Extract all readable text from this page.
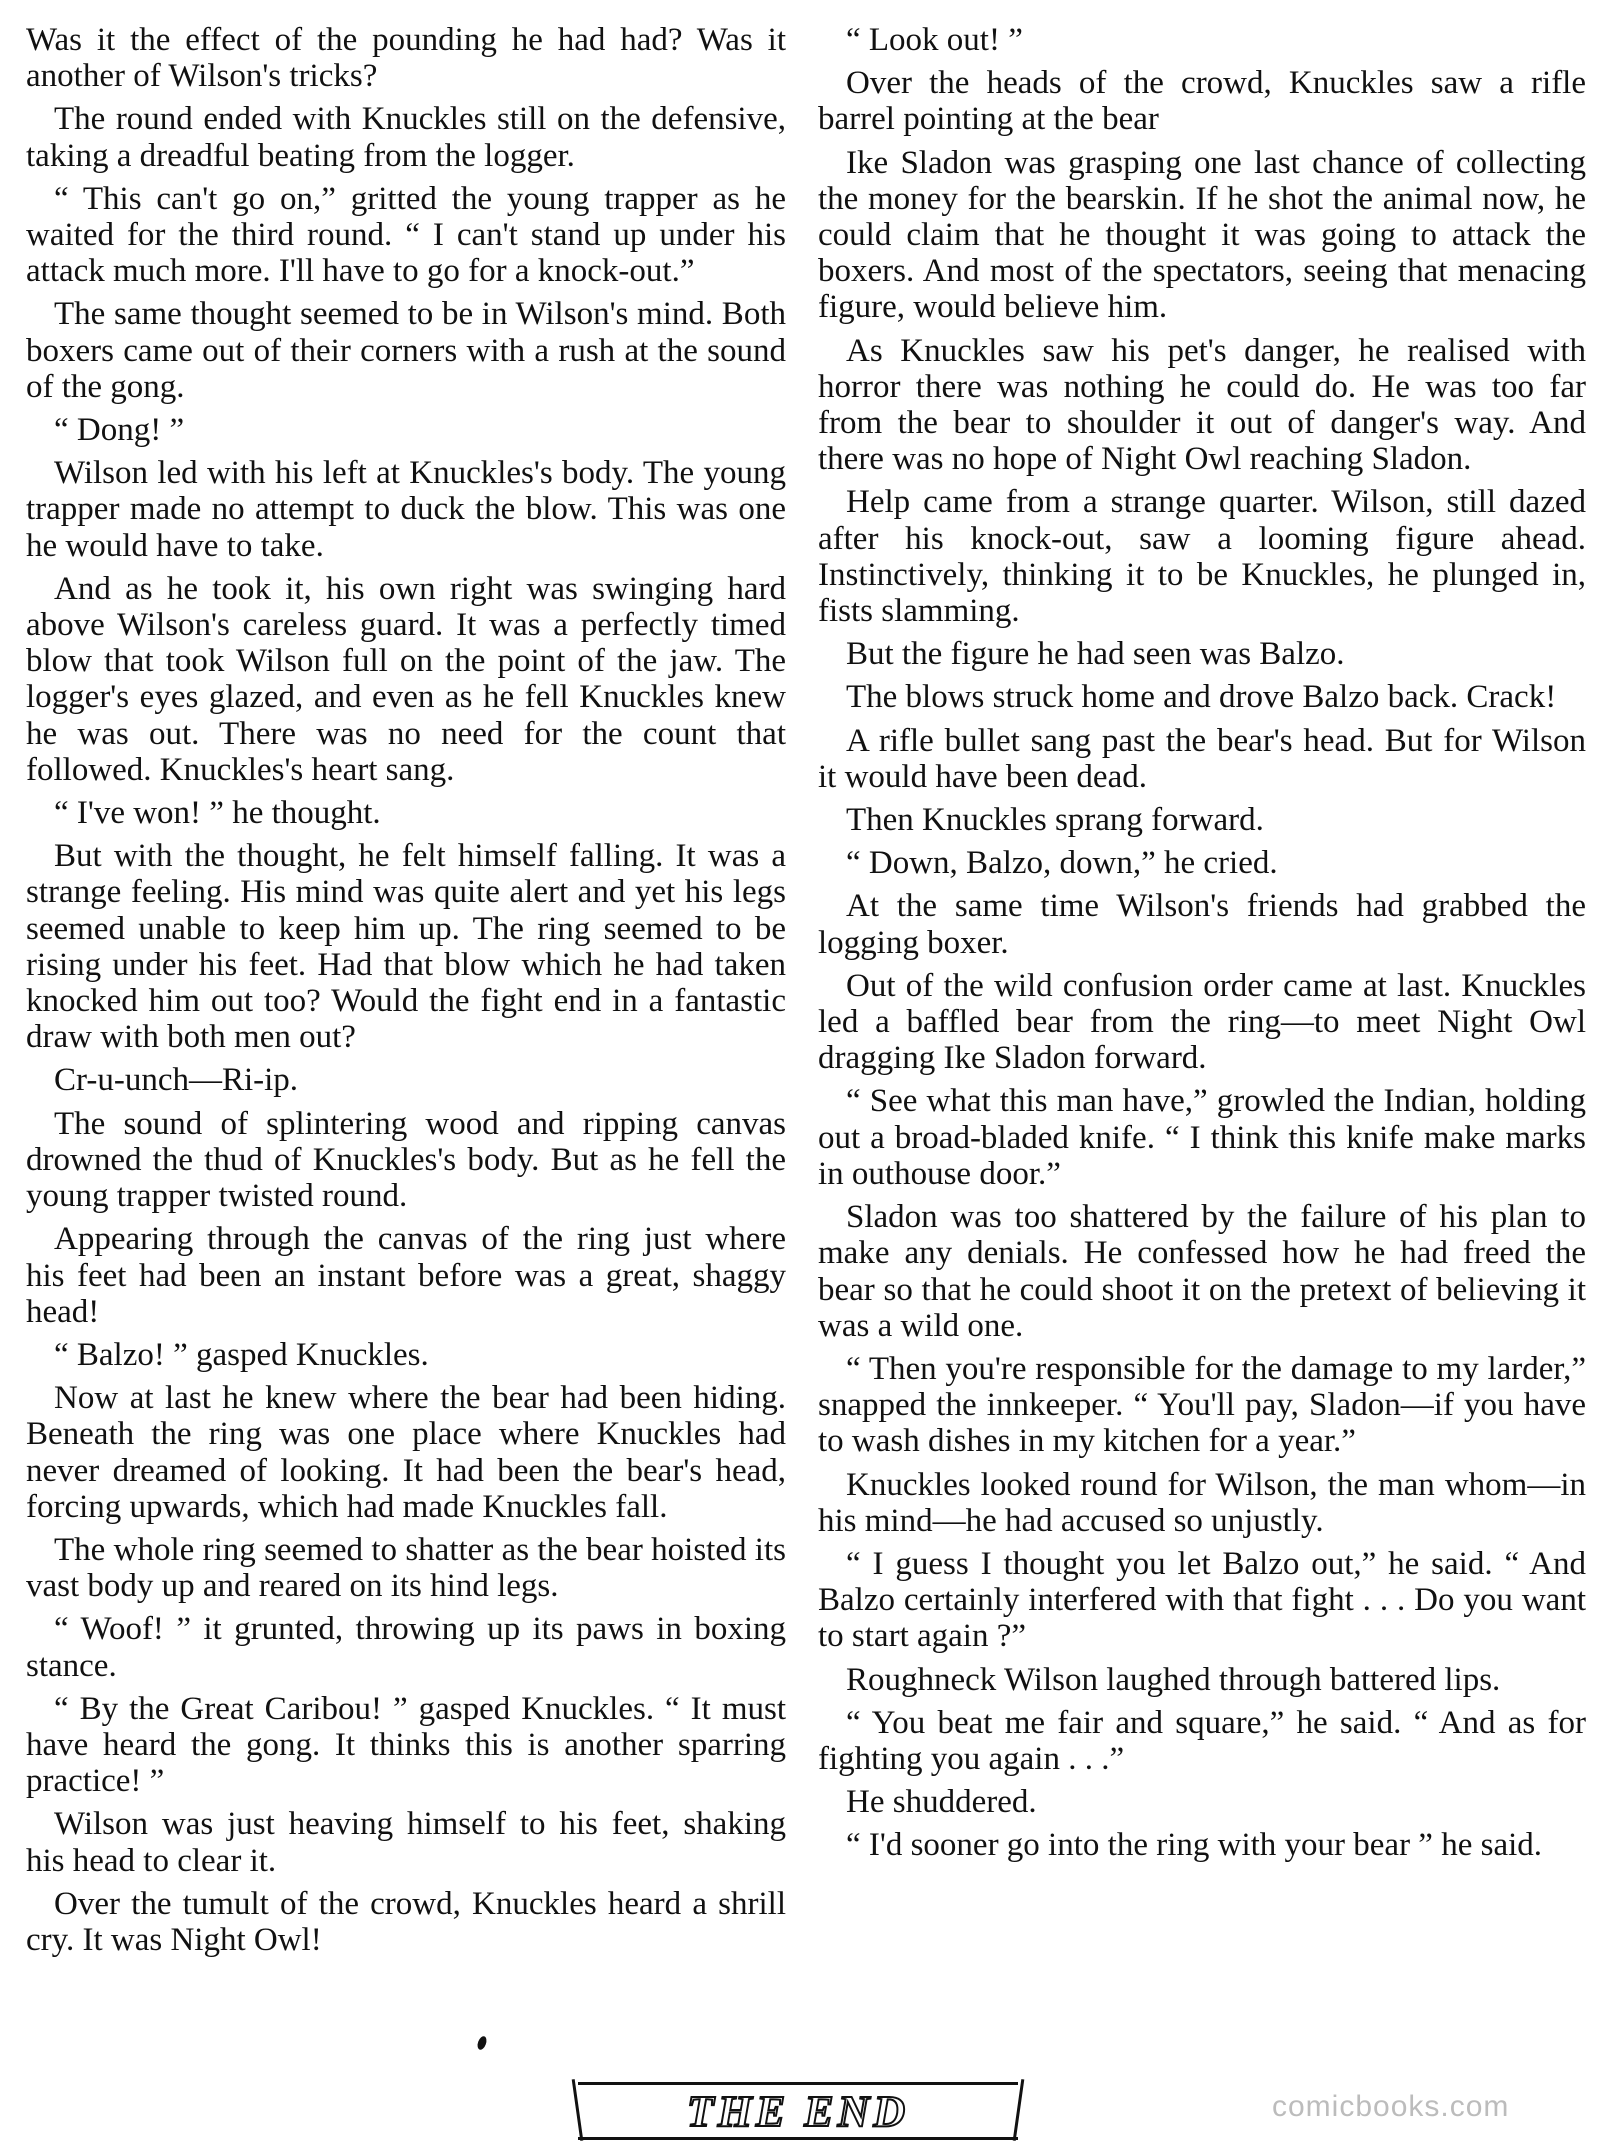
Was it the effect of the pounding he had had? Was it another of Wilson's tricks?

The round ended with Knuckles still on the defensive, taking a dreadful beating from the logger.

“ This can't go on,” gritted the young trapper as he waited for the third round. “ I can't stand up under his attack much more. I'll have to go for a knock-out.”

The same thought seemed to be in Wilson's mind. Both boxers came out of their corners with a rush at the sound of the gong.

“ Dong! ”

Wilson led with his left at Knuckles's body. The young trapper made no attempt to duck the blow. This was one he would have to take.

And as he took it, his own right was swinging hard above Wilson's careless guard. It was a perfectly timed blow that took Wilson full on the point of the jaw. The logger's eyes glazed, and even as he fell Knuckles knew he was out. There was no need for the count that followed. Knuckles's heart sang.

“ I've won! ” he thought.

But with the thought, he felt himself falling. It was a strange feeling. His mind was quite alert and yet his legs seemed unable to keep him up. The ring seemed to be rising under his feet. Had that blow which he had taken knocked him out too? Would the fight end in a fantastic draw with both men out?

Cr-u-unch—Ri-ip.

The sound of splintering wood and ripping canvas drowned the thud of Knuckles's body. But as he fell the young trapper twisted round.

Appearing through the canvas of the ring just where his feet had been an instant before was a great, shaggy head!

“ Balzo! ” gasped Knuckles.

Now at last he knew where the bear had been hiding. Beneath the ring was one place where Knuckles had never dreamed of looking. It had been the bear's head, forcing upwards, which had made Knuckles fall.

The whole ring seemed to shatter as the bear hoisted its vast body up and reared on its hind legs.

“ Woof! ” it grunted, throwing up its paws in boxing stance.

“ By the Great Caribou! ” gasped Knuckles. “ It must have heard the gong. It thinks this is another sparring practice! ”

Wilson was just heaving himself to his feet, shaking his head to clear it.

Over the tumult of the crowd, Knuckles heard a shrill cry. It was Night Owl!

“ Look out! ”

Over the heads of the crowd, Knuckles saw a rifle barrel pointing at the bear

Ike Sladon was grasping one last chance of collecting the money for the bearskin. If he shot the animal now, he could claim that he thought it was going to attack the boxers. And most of the spectators, seeing that menacing figure, would believe him.

As Knuckles saw his pet's danger, he realised with horror there was nothing he could do. He was too far from the bear to shoulder it out of danger's way. And there was no hope of Night Owl reaching Sladon.

Help came from a strange quarter. Wilson, still dazed after his knock-out, saw a looming figure ahead. Instinctively, thinking it to be Knuckles, he plunged in, fists slamming.

But the figure he had seen was Balzo.

The blows struck home and drove Balzo back. Crack!

A rifle bullet sang past the bear's head. But for Wilson it would have been dead.

Then Knuckles sprang forward.

“ Down, Balzo, down,” he cried.

At the same time Wilson's friends had grabbed the logging boxer.

Out of the wild confusion order came at last. Knuckles led a baffled bear from the ring—to meet Night Owl dragging Ike Sladon forward.

“ See what this man have,” growled the Indian, holding out a broad-bladed knife. “ I think this knife make marks in outhouse door.”

Sladon was too shattered by the failure of his plan to make any denials. He confessed how he had freed the bear so that he could shoot it on the pretext of believing it was a wild one.

“ Then you're responsible for the damage to my larder,” snapped the innkeeper. “ You'll pay, Sladon—if you have to wash dishes in my kitchen for a year.”

Knuckles looked round for Wilson, the man whom—in his mind—he had accused so unjustly.

“ I guess I thought you let Balzo out,” he said. “ And Balzo certainly interfered with that fight . . . Do you want to start again ?”

Roughneck Wilson laughed through battered lips.

“ You beat me fair and square,” he said. “ And as for fighting you again . . .”

He shuddered.

“ I'd sooner go into the ring with your bear ” he said.

THE END	comicbooks.com
